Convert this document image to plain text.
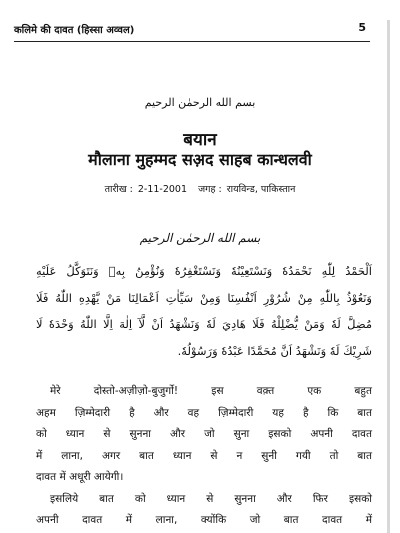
कलिमे की दावत (हिस्सा अव्वल)	5
بسم الله الرحمٰن الرحيم
बयान
मौलाना मुहम्मद सअ़द साहब कान्धलवी
तारीख : 2-11-2001 जगह : रायविन्ड, पाकिस्तान
بسم الله الرحمٰن الرحيم
اَلْحَمْدُ لِلّٰهِ نَحْمَدُهٗ وَنَسْتَعِيْنُهٗ وَنَسْتَغْفِرُهٗ وَنُؤْمِنُ بِهٖ وَنَتَوَكَّلُ عَلَيْهِ
وَنَعُوْذُ بِاللّٰهِ مِنْ شُرُوْرِ اَنْفُسِنَا وَمِنْ سَيِّاٰتِ اَعْمَالِنَا مَنْ يَّهْدِهِ اللّٰهُ فَلَا
مُضِلَّ لَهٗ وَمَنْ يُّضْلِلْهُ فَلَا هَادِيَ لَهٗ وَنَشْهَدُ اَنْ لَّآ اِلٰهَ اِلَّا اللّٰهُ وَحْدَهٗ لَا
شَرِيْكَ لَهٗ وَنَشْهَدُ اَنَّ مُحَمَّدًا عَبْدُهٗ وَرَسُوْلُهٗ.
मेरे दोस्तो-अज़ीज़ो-बुजुर्गो! इस वक़्त एक बहुत
अहम ज़िम्मेदारी है और वह ज़िम्मेदारी यह है कि बात
को ध्यान से सुनना और जो सुना इसको अपनी दावत
में लाना, अगर बात ध्यान से न सुनी गयी तो बात
दावत में अधूरी आयेगी।
इसलिये बात को ध्यान से सुनना और फिर इसको
अपनी दावत में लाना, क्योंकि जो बात दावत में
